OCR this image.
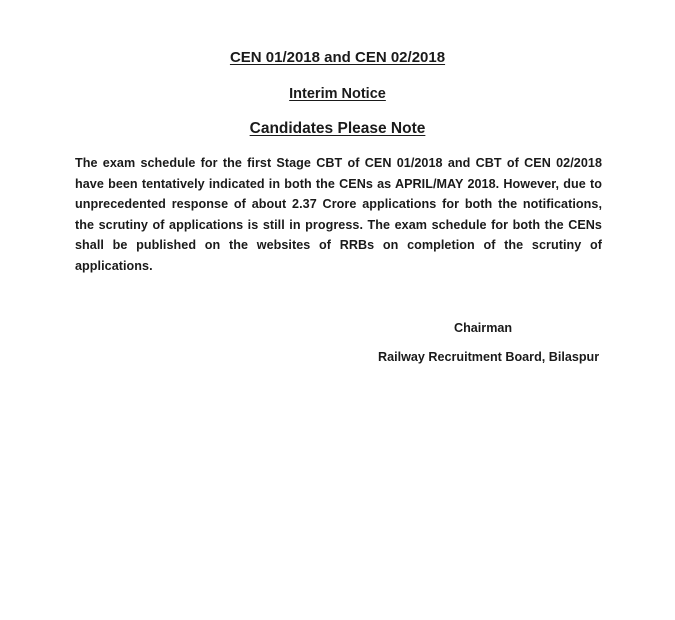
CEN 01/2018 and CEN 02/2018
Interim Notice
Candidates Please Note

The exam schedule for the first Stage CBT of CEN 01/2018 and CBT of CEN 02/2018 have been tentatively indicated in both the CENs as APRIL/MAY 2018. However, due to unprecedented response of about 2.37 Crore applications for both the notifications, the scrutiny of applications is still in progress. The exam schedule for both the CENs shall be published on the websites of RRBs on completion of the scrutiny of applications.

Chairman

Railway Recruitment Board, Bilaspur
